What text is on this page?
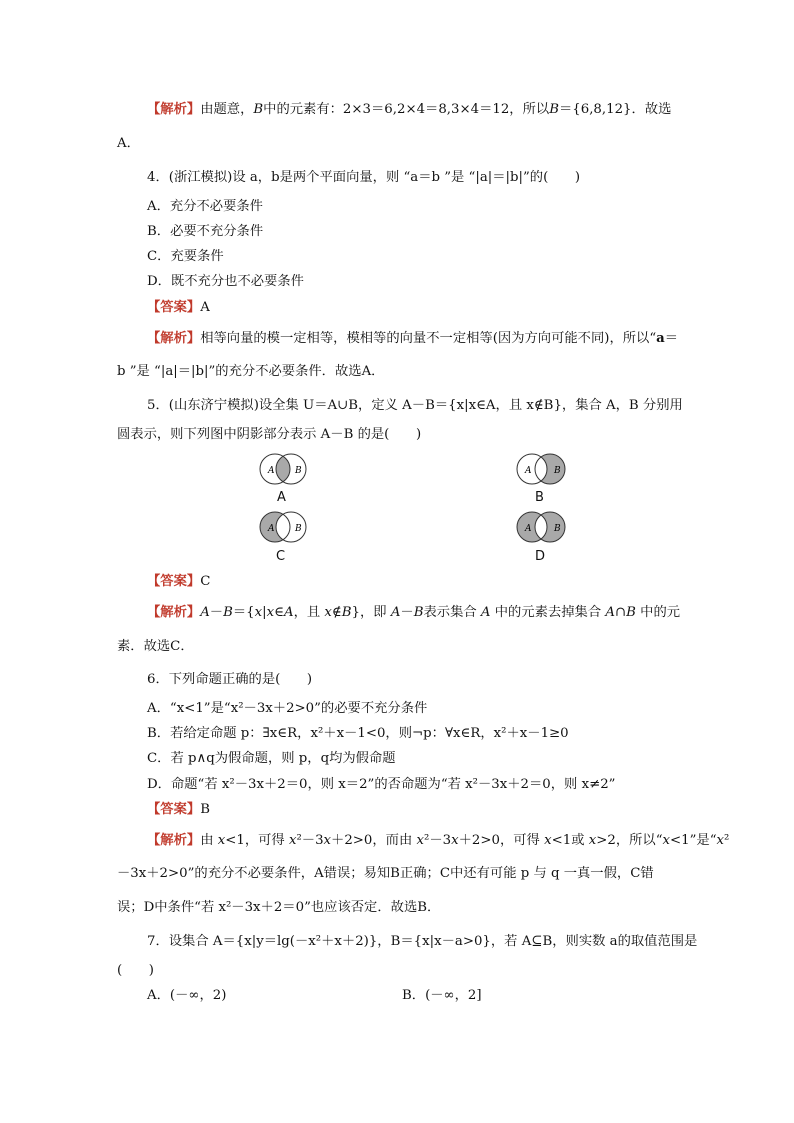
【解析】由题意，B中的元素有：2×3＝6,2×4＝8,3×4＝12，所以B＝{6,8,12}．故选
A．
4．(浙江模拟)设 a，b是两个平面向量，则 “a＝b ”是 “|a|＝|b|”的(　　)
A．充分不必要条件
B．必要不充分条件
C．充要条件
D．既不充分也不必要条件
【答案】A
【解析】相等向量的模一定相等，模相等的向量不一定相等(因为方向可能不同)，所以“a＝
b ”是 “|a|＝|b|”的充分不必要条件．故选A．
5．(山东济宁模拟)设全集 U＝A∪B，定义 A－B＝{x|x∈A，且 x∉B}，集合 A，B 分别用
圆表示，则下列图中阴影部分表示 A－B 的是(　　)
A B
A
A	B
B
A B
C
A	B
D
【答案】C
【解析】A－B＝{x|x∈A，且 x∉B}，即 A－B表示集合 A 中的元素去掉集合 A∩B 中的元
素．故选C．
6．下列命题正确的是(　　)
A．“x<1”是“x²－3x＋2>0”的必要不充分条件
B．若给定命题 p：∃x∈R，x²＋x－1<0，则¬p：∀x∈R，x²＋x－1≥0
C．若 p∧q为假命题，则 p，q均为假命题
D．命题“若 x²－3x＋2＝0，则 x＝2”的否命题为“若 x²－3x＋2＝0，则 x≠2”
【答案】B
【解析】由 x<1，可得 x²－3x＋2>0，而由 x²－3x＋2>0，可得 x<1或 x>2，所以“x<1”是“x²
－3x＋2>0”的充分不必要条件，A错误；易知B正确；C中还有可能 p 与 q 一真一假，C错
误；D中条件“若 x²－3x＋2＝0”也应该否定．故选B．
7．设集合 A＝{x|y＝lg(－x²＋x＋2)}，B＝{x|x－a>0}，若 A⊆B，则实数 a的取值范围是
(　　)
A．(－∞，2)	B．(－∞，2]
